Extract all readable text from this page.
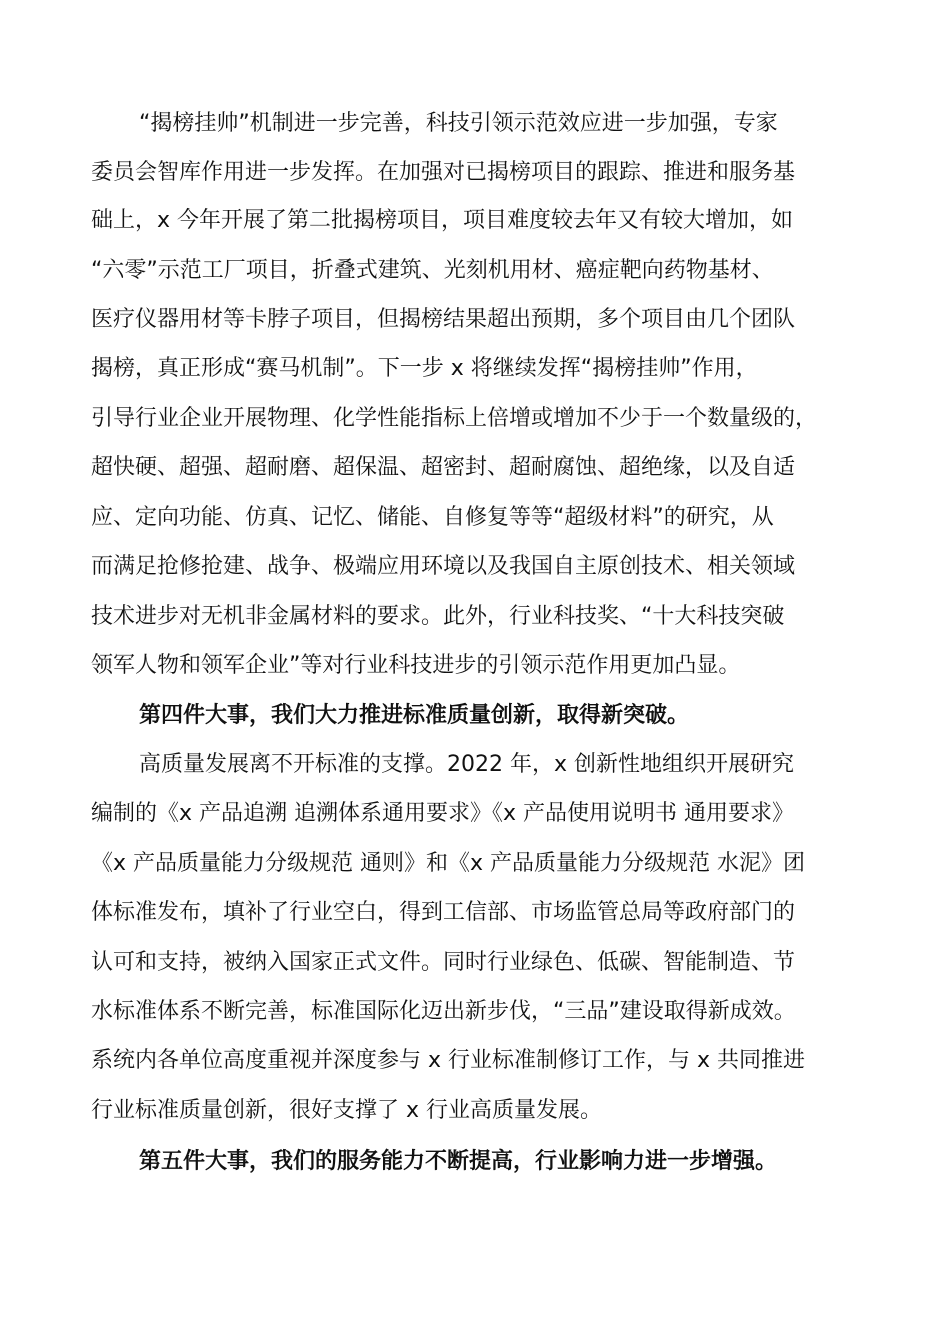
“揭榜挂帅”机制进一步完善，科技引领示范效应进一步加强，专家

委员会智库作用进一步发挥。在加强对已揭榜项目的跟踪、推进和服务基

础上，x 今年开展了第二批揭榜项目，项目难度较去年又有较大增加，如

“六零”示范工厂项目，折叠式建筑、光刻机用材、癌症靶向药物基材、

医疗仪器用材等卡脖子项目，但揭榜结果超出预期，多个项目由几个团队

揭榜，真正形成“赛马机制”。下一步 x 将继续发挥“揭榜挂帅”作用，

引导行业企业开展物理、化学性能指标上倍增或增加不少于一个数量级的，

超快硬、超强、超耐磨、超保温、超密封、超耐腐蚀、超绝缘，以及自适

应、定向功能、仿真、记忆、储能、自修复等等“超级材料”的研究，从

而满足抢修抢建、战争、极端应用环境以及我国自主原创技术、相关领域

技术进步对无机非金属材料的要求。此外，行业科技奖、“十大科技突破

领军人物和领军企业”等对行业科技进步的引领示范作用更加凸显。

第四件大事，我们大力推进标准质量创新，取得新突破。

高质量发展离不开标准的支撑。2022 年，x 创新性地组织开展研究

编制的《x 产品追溯 追溯体系通用要求》《x 产品使用说明书 通用要求》

《x 产品质量能力分级规范 通则》和《x 产品质量能力分级规范 水泥》团

体标准发布，填补了行业空白，得到工信部、市场监管总局等政府部门的

认可和支持，被纳入国家正式文件。同时行业绿色、低碳、智能制造、节

水标准体系不断完善，标准国际化迈出新步伐，“三品”建设取得新成效。

系统内各单位高度重视并深度参与 x 行业标准制修订工作，与 x 共同推进

行业标准质量创新，很好支撑了 x 行业高质量发展。

第五件大事，我们的服务能力不断提高，行业影响力进一步增强。
